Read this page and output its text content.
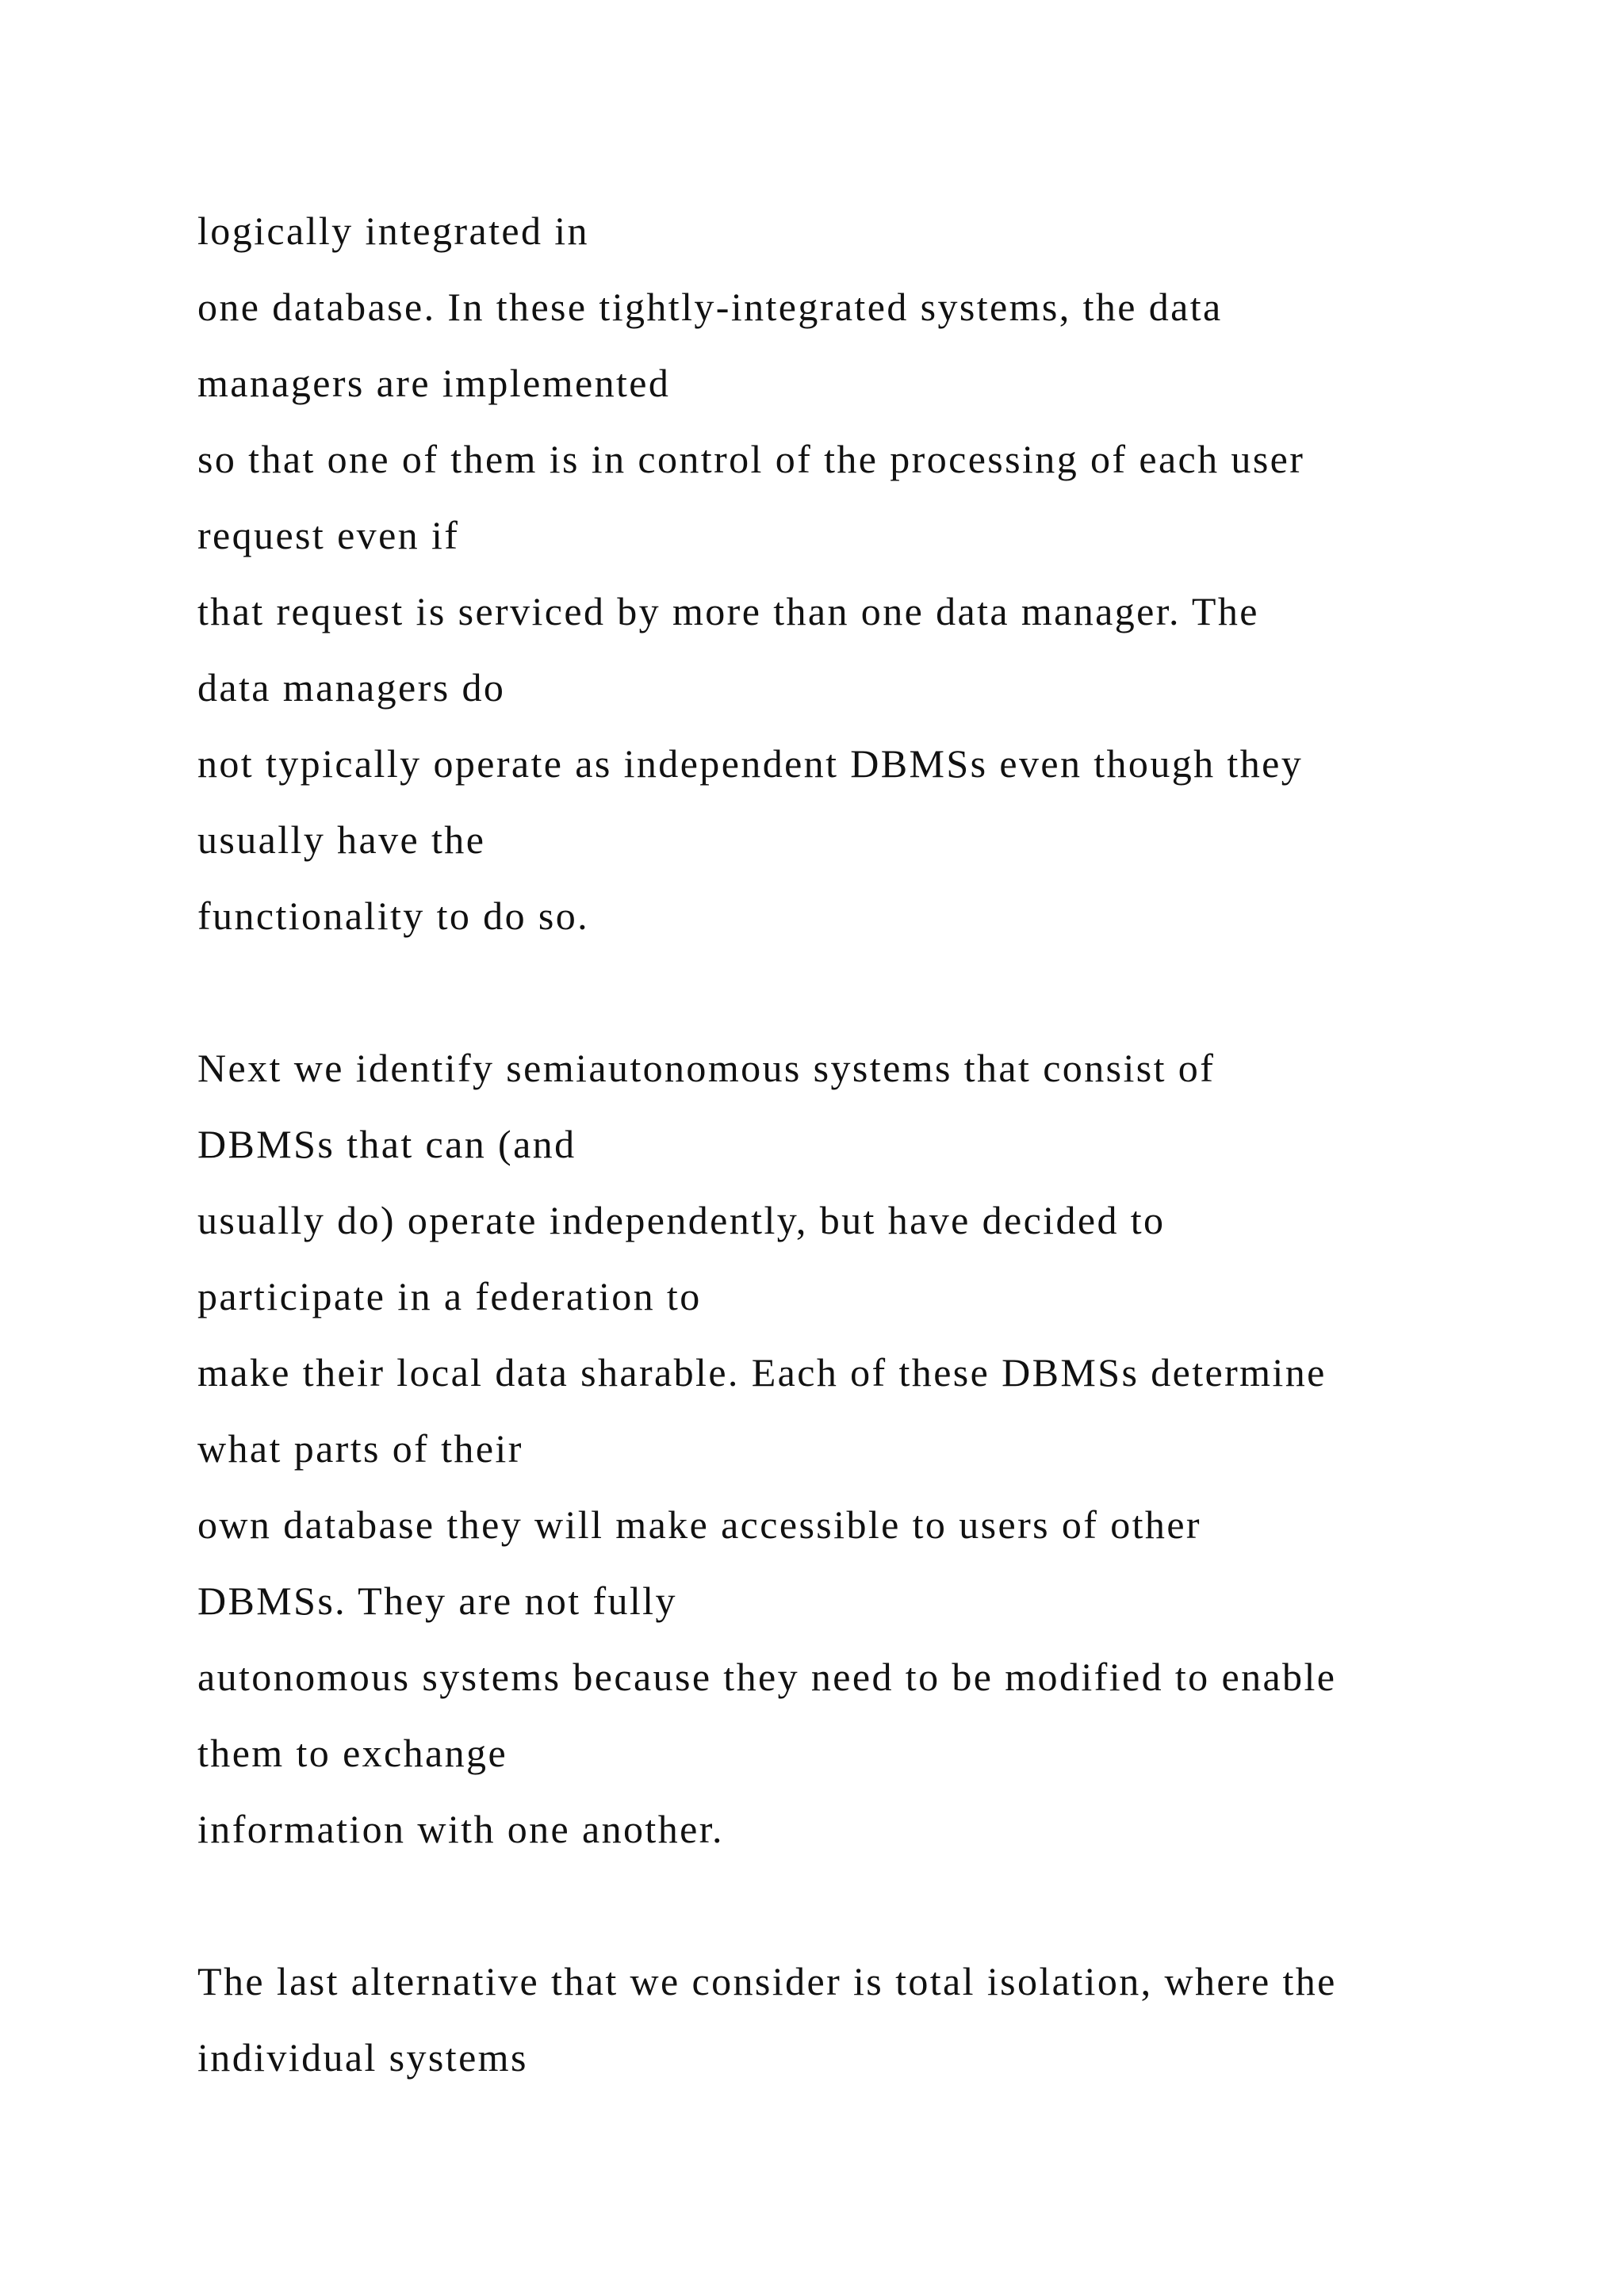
logically integrated in
one database. In these tightly-integrated systems, the data
managers are implemented
so that one of them is in control of the processing of each user
request even if
that request is serviced by more than one data manager. The
data managers do
not typically operate as independent DBMSs even though they
usually have the
functionality to do so.
Next we identify semiautonomous systems that consist of
DBMSs that can (and
usually do) operate independently, but have decided to
participate in a federation to
make their local data sharable. Each of these DBMSs determine
what parts of their
own database they will make accessible to users of other
DBMSs. They are not fully
autonomous systems because they need to be modified to enable
them to exchange
information with one another.
The last alternative that we consider is total isolation, where the
individual systems
